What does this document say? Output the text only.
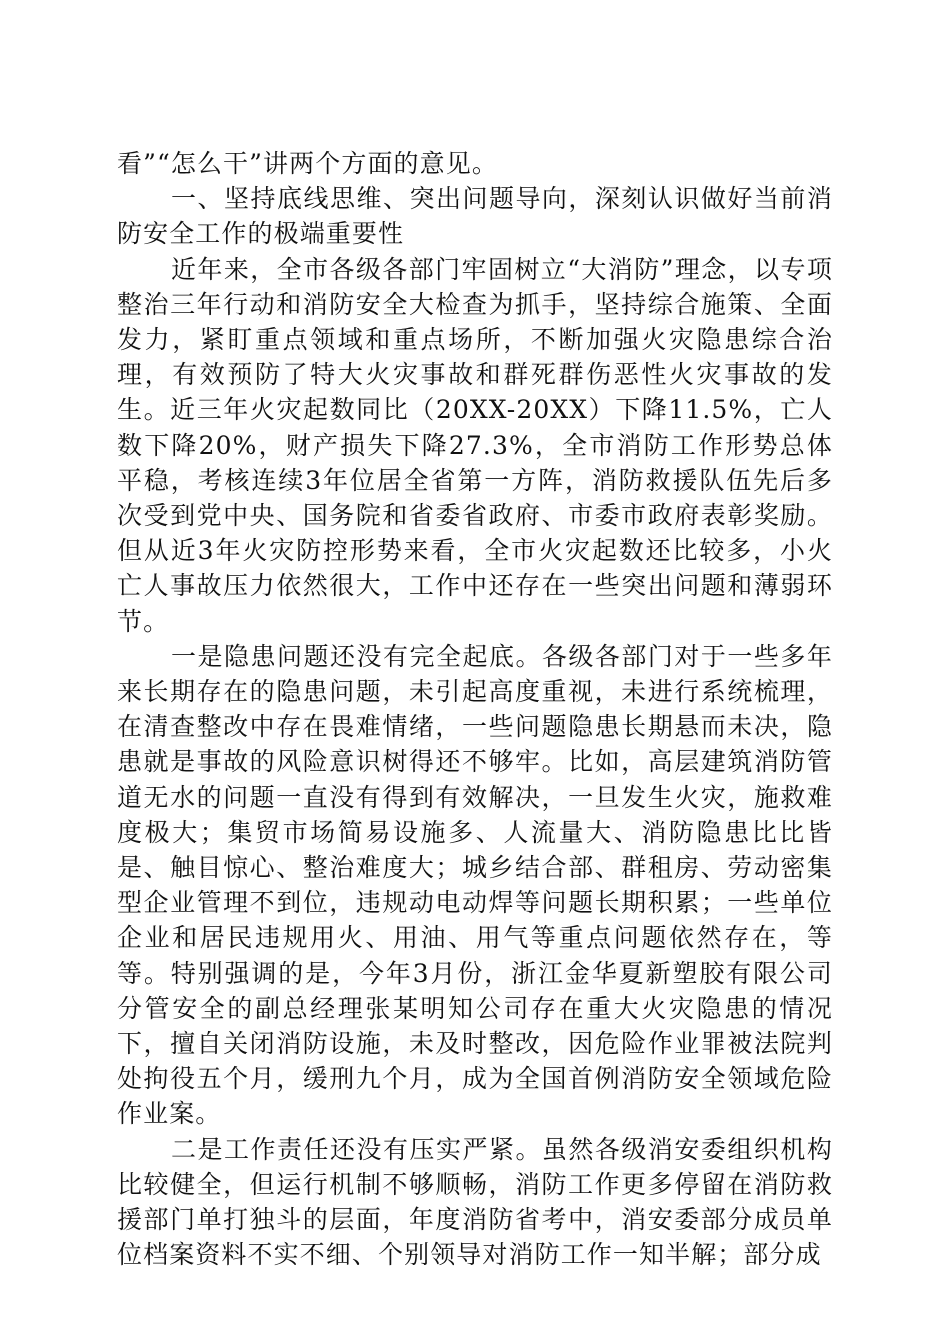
看”“怎么干”讲两个方面的意见。

一、坚持底线思维、突出问题导向，深刻认识做好当前消防安全工作的极端重要性

近年来，全市各级各部门牢固树立“大消防”理念，以专项整治三年行动和消防安全大检查为抓手，坚持综合施策、全面发力，紧盯重点领域和重点场所，不断加强火灾隐患综合治理，有效预防了特大火灾事故和群死群伤恶性火灾事故的发生。近三年火灾起数同比（20XX-20XX）下降11.5%，亡人数下降20%，财产损失下降27.3%，全市消防工作形势总体平稳，考核连续3年位居全省第一方阵，消防救援队伍先后多次受到党中央、国务院和省委省政府、市委市政府表彰奖励。但从近3年火灾防控形势来看，全市火灾起数还比较多，小火亡人事故压力依然很大，工作中还存在一些突出问题和薄弱环节。

一是隐患问题还没有完全起底。各级各部门对于一些多年来长期存在的隐患问题，未引起高度重视，未进行系统梳理，在清查整改中存在畏难情绪，一些问题隐患长期悬而未决，隐患就是事故的风险意识树得还不够牢。比如，高层建筑消防管道无水的问题一直没有得到有效解决，一旦发生火灾，施救难度极大；集贸市场简易设施多、人流量大、消防隐患比比皆是、触目惊心、整治难度大；城乡结合部、群租房、劳动密集型企业管理不到位，违规动电动焊等问题长期积累；一些单位企业和居民违规用火、用油、用气等重点问题依然存在，等等。特别强调的是，今年3月份，浙江金华夏新塑胶有限公司分管安全的副总经理张某明知公司存在重大火灾隐患的情况下，擅自关闭消防设施，未及时整改，因危险作业罪被法院判处拘役五个月，缓刑九个月，成为全国首例消防安全领域危险作业案。

二是工作责任还没有压实严紧。虽然各级消安委组织机构比较健全，但运行机制不够顺畅，消防工作更多停留在消防救援部门单打独斗的层面，年度消防省考中，消安委部分成员单位档案资料不实不细、个别领导对消防工作一知半解；部分成
